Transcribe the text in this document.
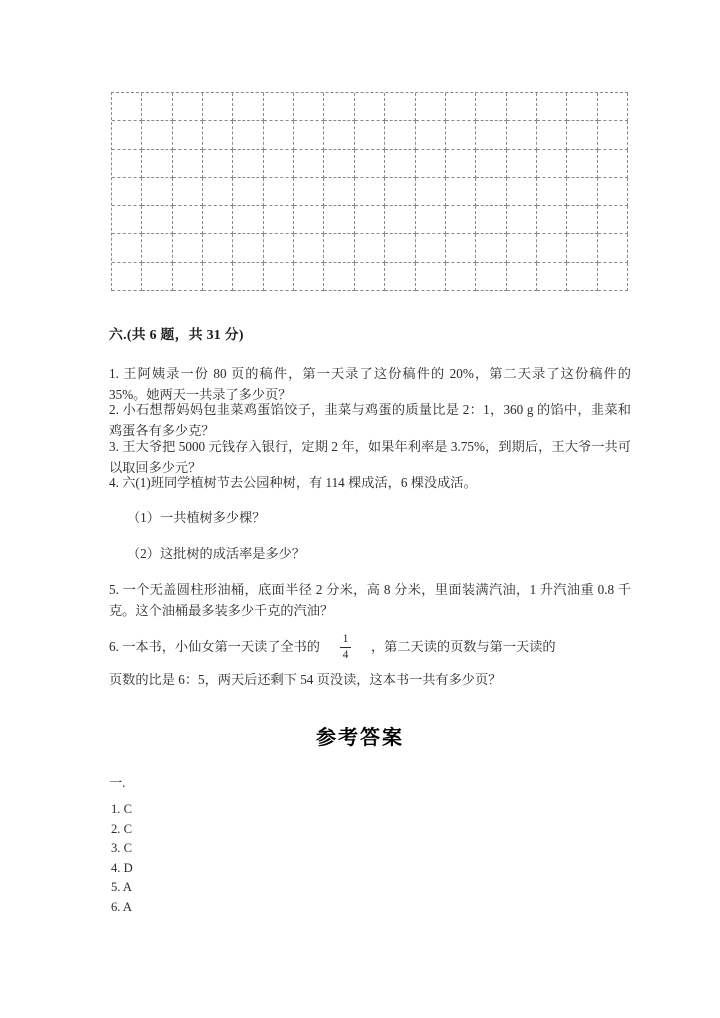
六.(共 6 题，共 31 分)
1. 王阿姨录一份 80 页的稿件，第一天录了这份稿件的 20%，第二天录了这份稿件的 35%。她两天一共录了多少页？
2. 小石想帮妈妈包韭菜鸡蛋馅饺子，韭菜与鸡蛋的质量比是 2：1，360 g 的馅中，韭菜和鸡蛋各有多少克？
3. 王大爷把 5000 元钱存入银行，定期 2 年，如果年利率是 3.75%，到期后，王大爷一共可以取回多少元？
4. 六(1)班同学植树节去公园种树，有 114 棵成活，6 棵没成活。
（1）一共植树多少棵？
（2）这批树的成活率是多少？
5. 一个无盖圆柱形油桶，底面半径 2 分米，高 8 分米，里面装满汽油，1 升汽油重 0.8 千克。这个油桶最多装多少千克的汽油？
6. 一本书，小仙女第一天读了全书的 $\frac{1}{4}$ ，第二天读的页数与第一天读的
页数的比是 6：5，两天后还剩下 54 页没读，这本书一共有多少页？
参考答案
一.
1. C
2. C
3. C
4. D
5. A
6. A
